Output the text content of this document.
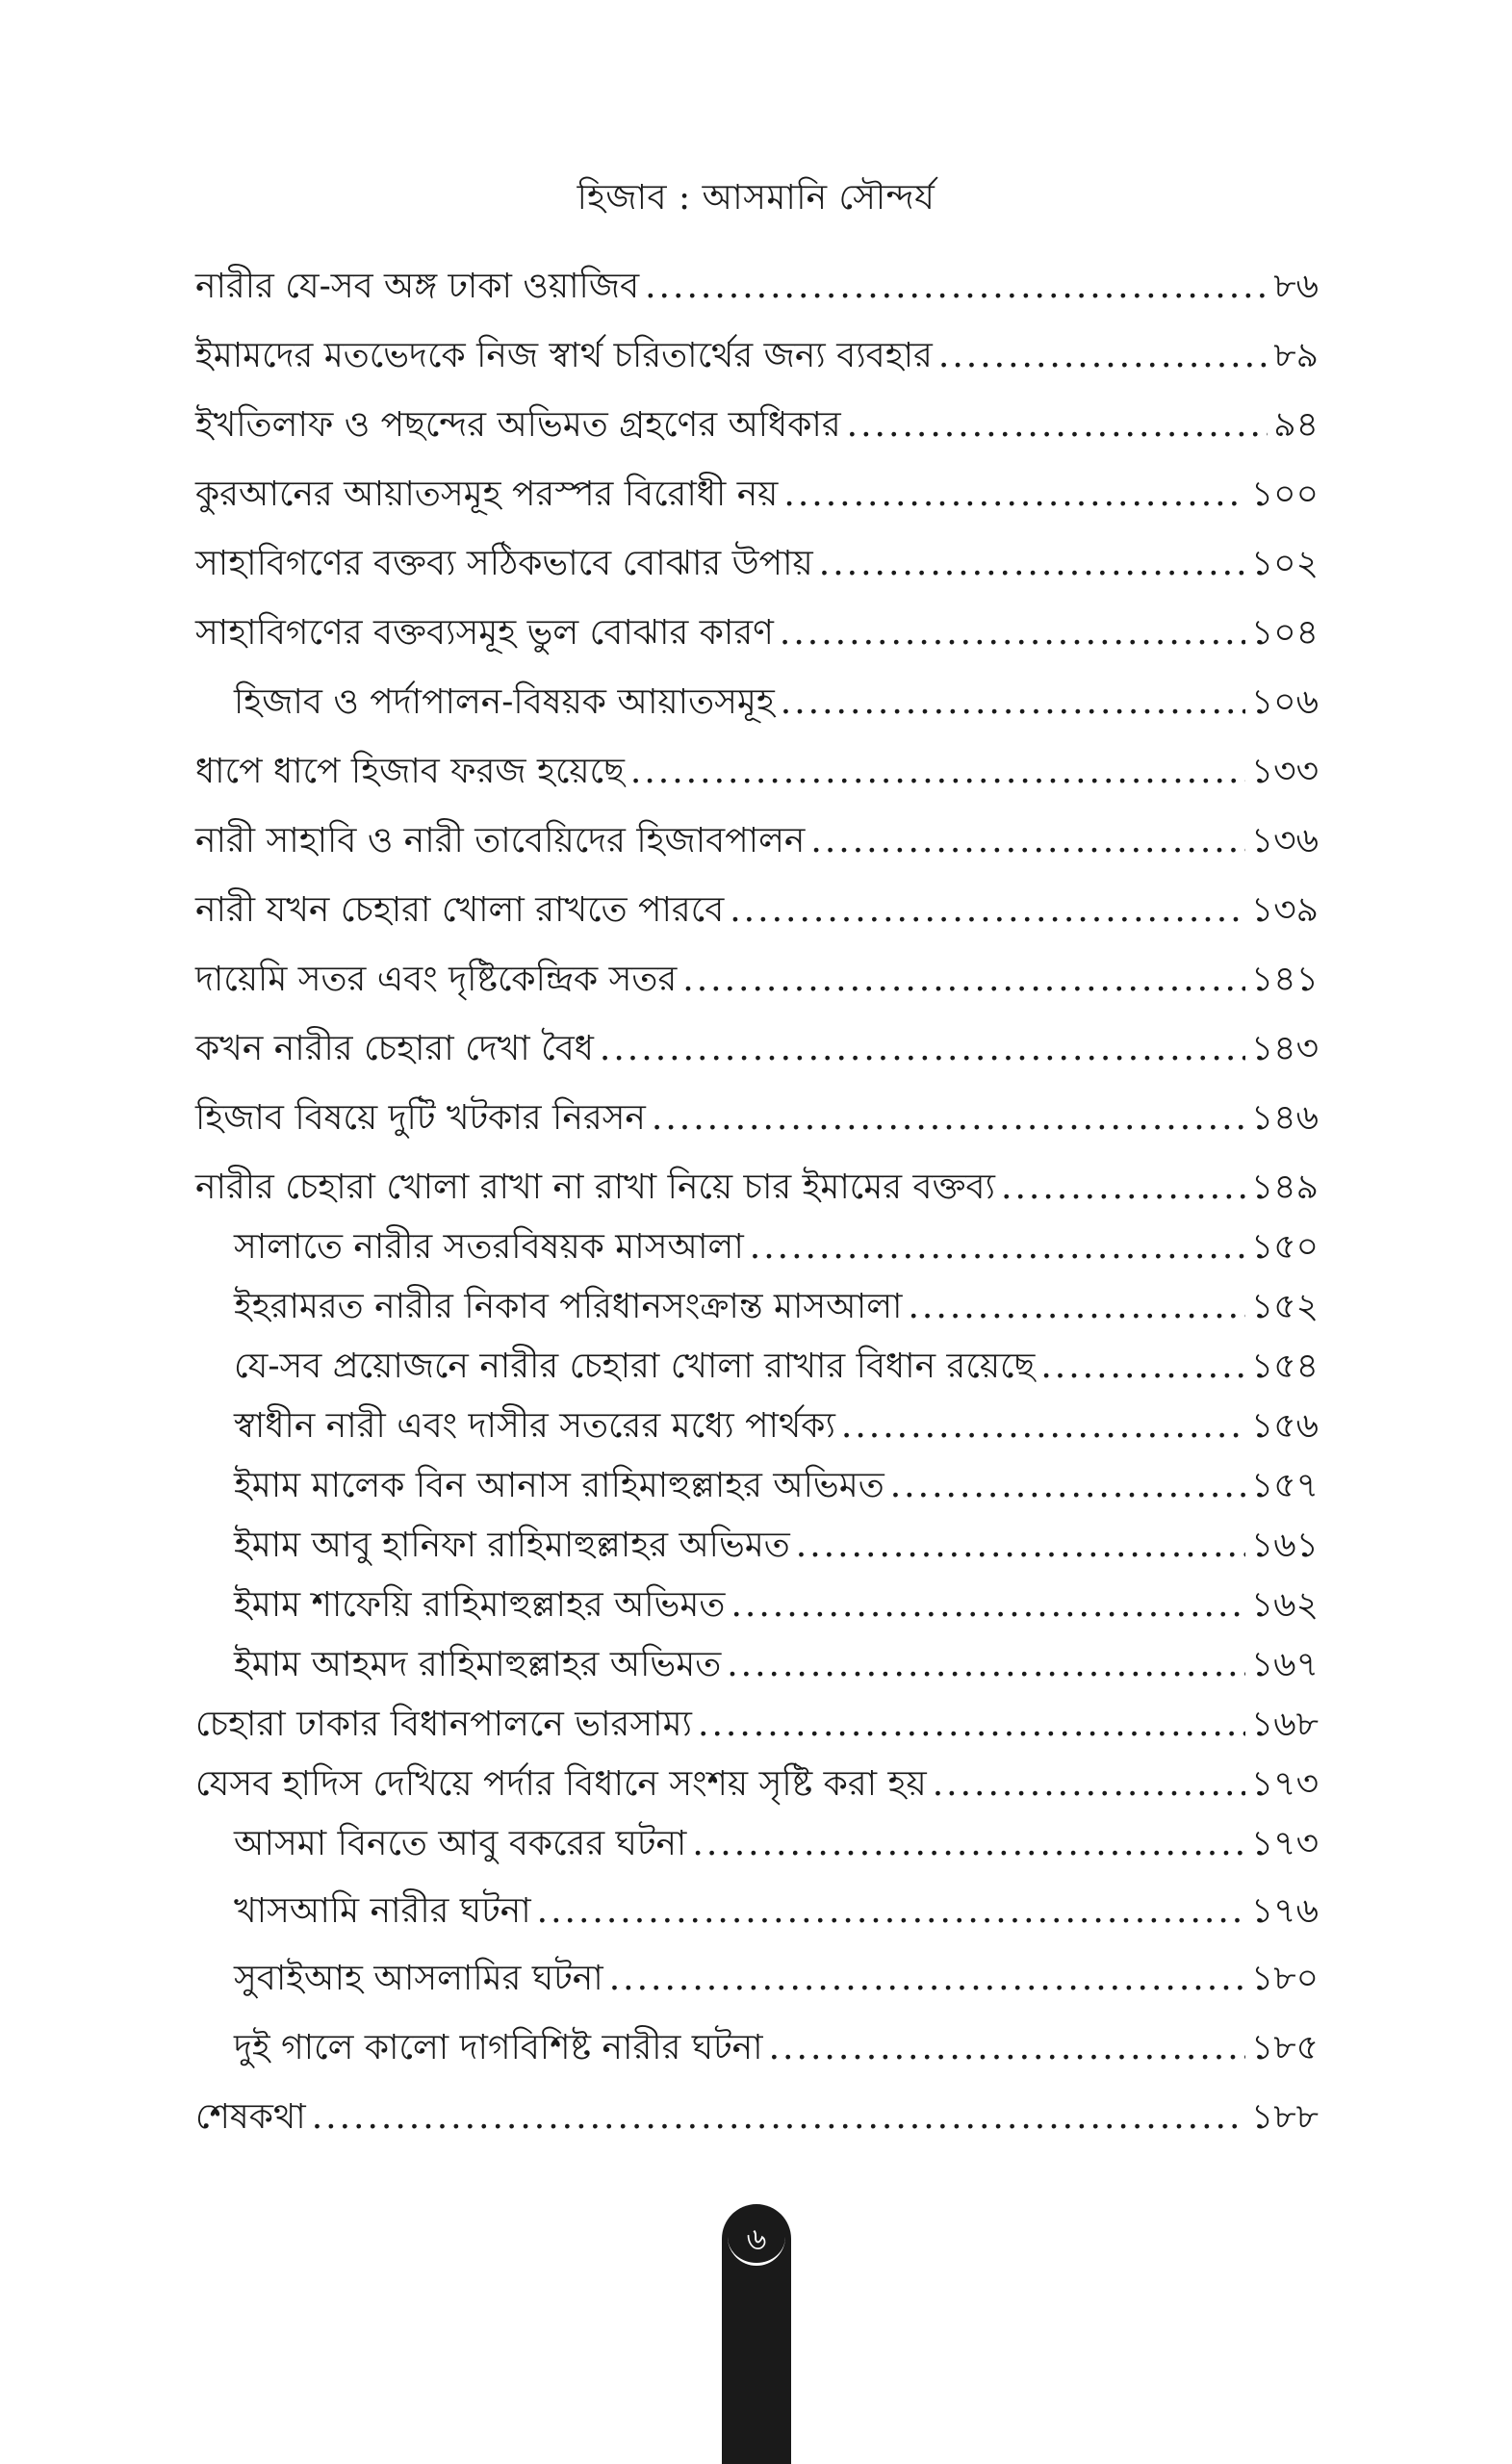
হিজাব : আসমানি সৌন্দর্য
নারীর যে-সব অঙ্গ ঢাকা ওয়াজিব .....	৮৬
ইমামদের মতভেদকে নিজ স্বার্থ চরিতার্থের জন্য ব্যবহার .....	৮৯
ইখতিলাফ ও পছন্দের অভিমত গ্রহণের অধিকার .....	৯৪
কুরআনের আয়াতসমূহ পরস্পর বিরোধী নয় .....	১০০
সাহাবিগণের বক্তব্য সঠিকভাবে বোঝার উপায় .....	১০২
সাহাবিগণের বক্তব্যসমূহ ভুল বোঝার কারণ .....	১০৪
হিজাব ও পর্দাপালন-বিষয়ক আয়াতসমূহ .....	১০৬
ধাপে ধাপে হিজাব ফরজ হয়েছে .....	১৩৩
নারী সাহাবি ও নারী তাবেয়িদের হিজাবপালন .....	১৩৬
নারী যখন চেহারা খোলা রাখতে পারবে .....	১৩৯
দায়েমি সতর এবং দৃষ্টিকেন্দ্রিক সতর .....	১৪১
কখন নারীর চেহারা দেখা বৈধ .....	১৪৩
হিজাব বিষয়ে দুটি খটকার নিরসন .....	১৪৬
নারীর চেহারা খোলা রাখা না রাখা নিয়ে চার ইমামের বক্তব্য .....	১৪৯
সালাতে নারীর সতরবিষয়ক মাসআলা .....	১৫০
ইহরামরত নারীর নিকাব পরিধানসংক্রান্ত মাসআলা .....	১৫২
যে-সব প্রয়োজনে নারীর চেহারা খোলা রাখার বিধান রয়েছে .....	১৫৪
স্বাধীন নারী এবং দাসীর সতরের মধ্যে পার্থক্য .....	১৫৬
ইমাম মালেক বিন আনাস রাহিমাহুল্লাহর অভিমত .....	১৫৭
ইমাম আবু হানিফা রাহিমাহুল্লাহর অভিমত .....	১৬১
ইমাম শাফেয়ি রাহিমাহুল্লাহর অভিমত .....	১৬২
ইমাম আহমদ রাহিমাহুল্লাহর অভিমত .....	১৬৭
চেহারা ঢাকার বিধানপালনে ভারসাম্য .....	১৬৮
যেসব হাদিস দেখিয়ে পর্দার বিধানে সংশয় সৃষ্টি করা হয় .....	১৭৩
আসমা বিনতে আবু বকরের ঘটনা .....	১৭৩
খাসআমি নারীর ঘটনা .....	১৭৬
সুবাইআহ আসলামির ঘটনা .....	১৮০
দুই গালে কালো দাগবিশিষ্ট নারীর ঘটনা .....	১৮৫
শেষকথা .....	১৮৮
৬
